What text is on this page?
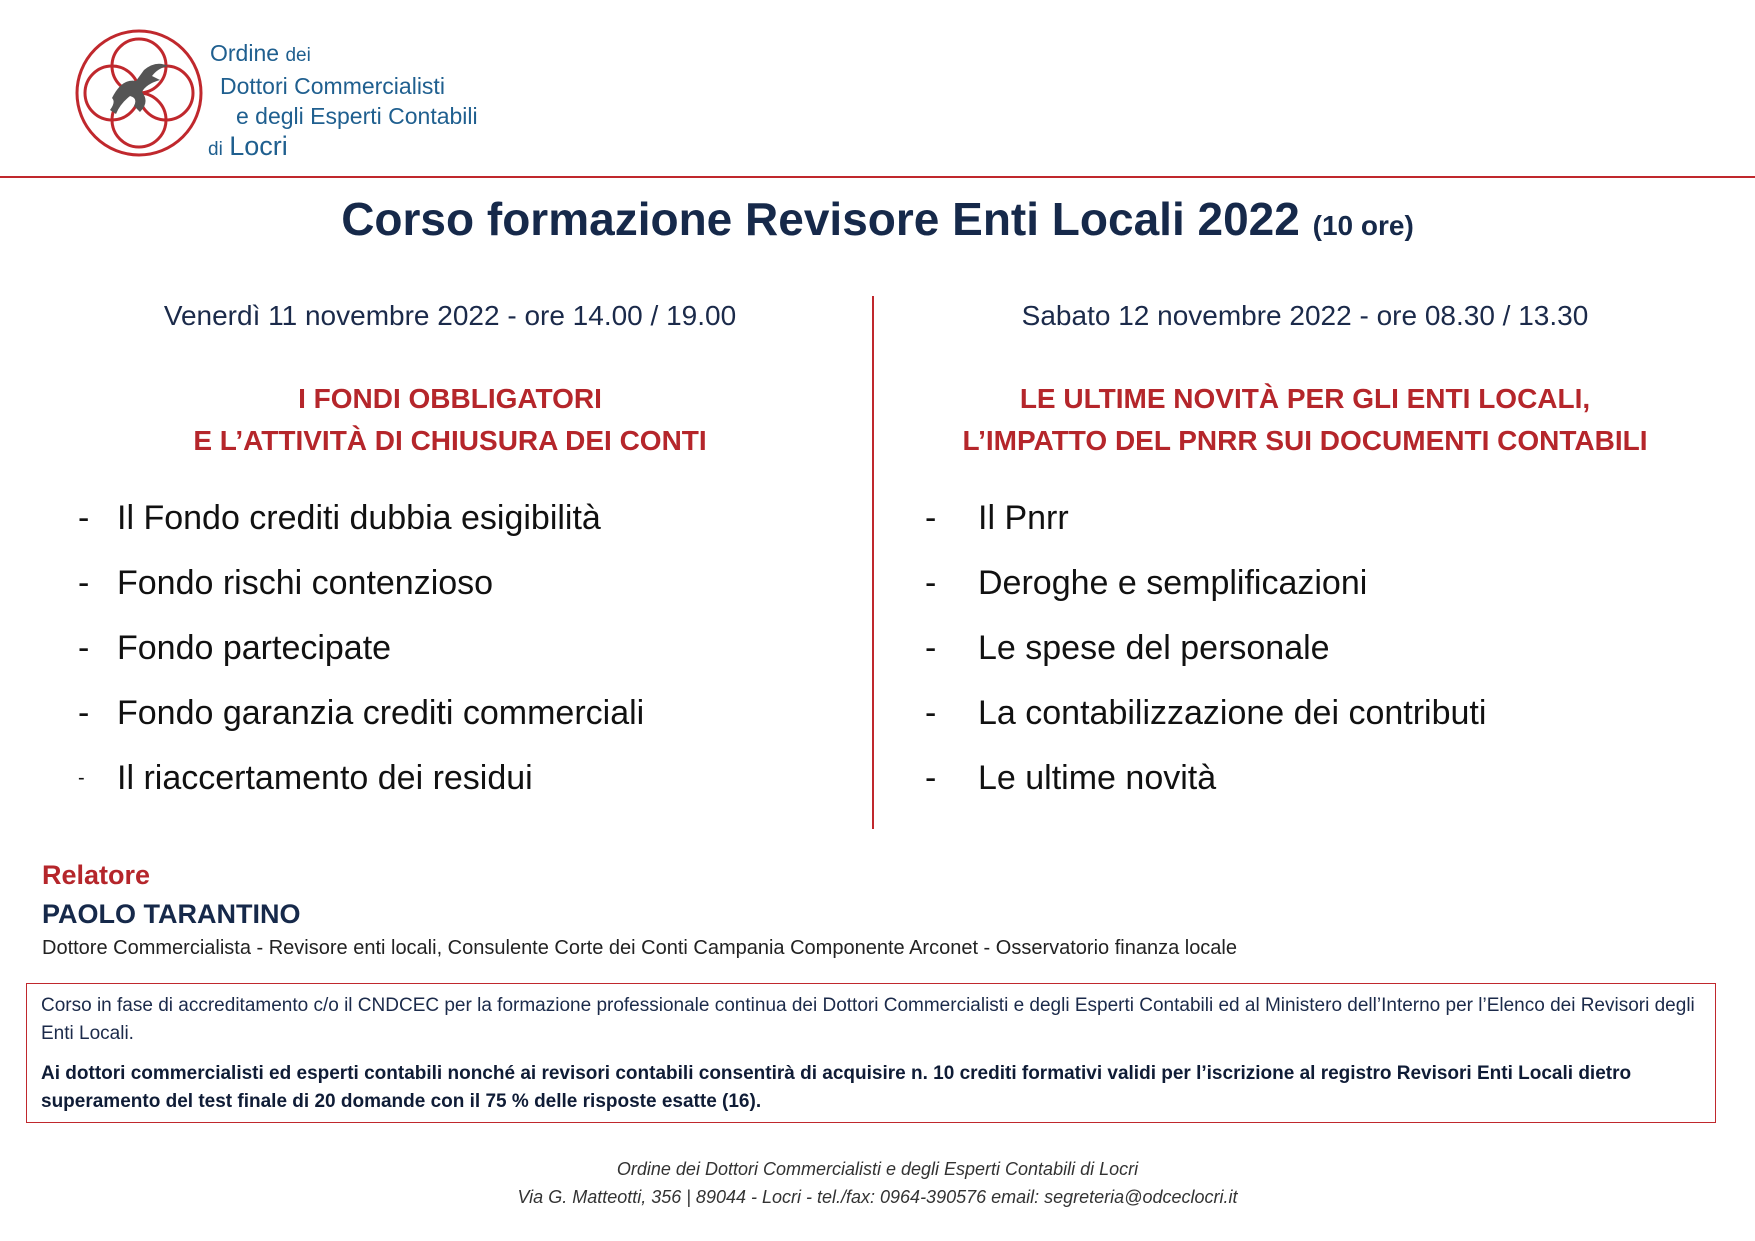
Ordine dei
Dottori Commercialisti
e degli Esperti Contabili
di Locri
Corso formazione Revisore Enti Locali 2022 (10 ore)
Venerdì 11 novembre 2022 - ore 14.00 / 19.00
I FONDI OBBLIGATORI
E L’ATTIVITÀ DI CHIUSURA DEI CONTI
- Il Fondo crediti dubbia esigibilità
- Fondo rischi contenzioso
- Fondo partecipate
- Fondo garanzia crediti commerciali
- Il riaccertamento dei residui
Sabato 12 novembre 2022 - ore 08.30 / 13.30
LE ULTIME NOVITÀ PER GLI ENTI LOCALI,
L’IMPATTO DEL PNRR SUI DOCUMENTI CONTABILI
- Il Pnrr
- Deroghe e semplificazioni
- Le spese del personale
- La contabilizzazione dei contributi
- Le ultime novità
Relatore
PAOLO TARANTINO
Dottore Commercialista - Revisore enti locali, Consulente Corte dei Conti Campania Componente Arconet - Osservatorio finanza locale

Corso in fase di accreditamento c/o il CNDCEC per la formazione professionale continua dei Dottori Commercialisti e degli Esperti Contabili ed al Ministero dell’Interno per l’Elenco dei Revisori degli Enti Locali.

Ai dottori commercialisti ed esperti contabili nonché ai revisori contabili consentirà di acquisire n. 10 crediti formativi validi per l’iscrizione al registro Revisori Enti Locali dietro superamento del test finale di 20 domande con il 75 % delle risposte esatte (16).

Ordine dei Dottori Commercialisti e degli Esperti Contabili di Locri
Via G. Matteotti, 356 | 89044 - Locri - tel./fax: 0964-390576 email: segreteria@odceclocri.it
